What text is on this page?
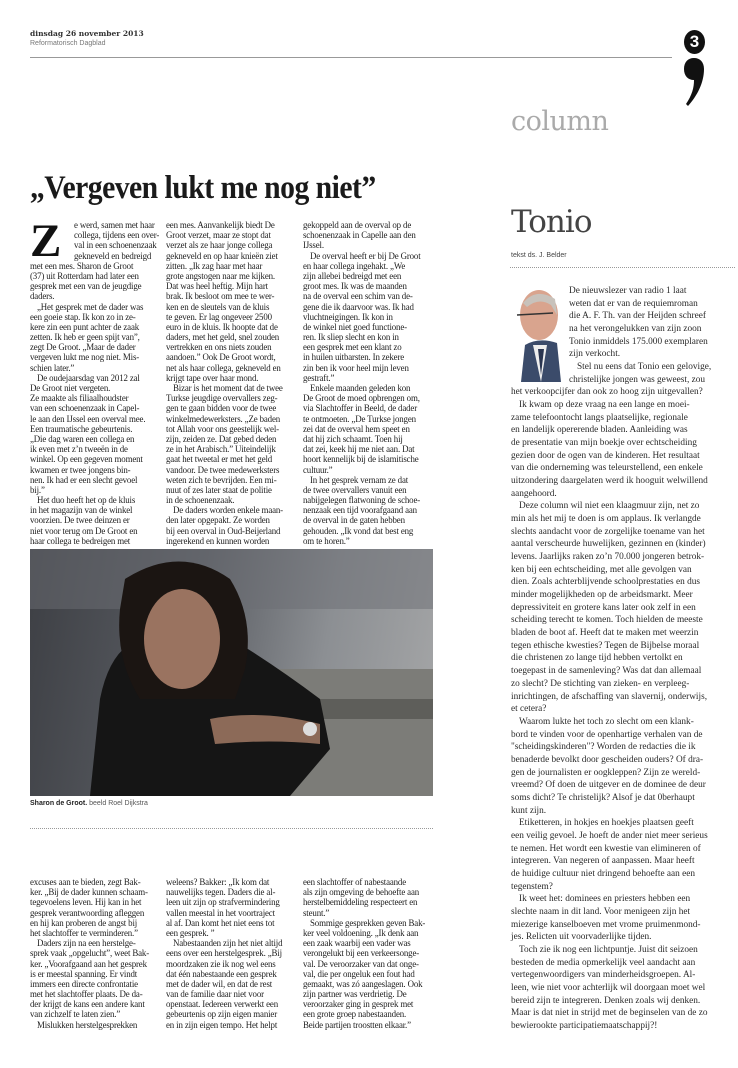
dinsdag 26 november 2013
Reformatorisch Dagblad	3
column
„Vergeven lukt me nog niet”
Z	e werd, samen met haar
collega, tijdens een over-
val in een schoenenzaak
gekneveld en bedreigd
met een mes. Sharon de Groot
(37) uit Rotterdam had later een
gesprek met een van de jeugdige
daders.
„Het gesprek met de dader was
een goeie stap. Ik kon zo in ze-
kere zin een punt achter de zaak
zetten. Ik heb er geen spijt van”,
zegt De Groot. „Maar de dader
vergeven lukt me nog niet. Mis-
schien later.”
De oudejaarsdag van 2012 zal
De Groot niet vergeten.
Ze maakte als filiaalhoudster
van een schoenenzaak in Capel-
le aan den IJssel een overval mee.
Een traumatische gebeurtenis.
„Die dag waren een collega en
ik even met z’n tweeën in de
winkel. Op een gegeven moment
kwamen er twee jongens bin-
nen. Ik had er een slecht gevoel
bij.”
Het duo heeft het op de kluis
in het magazijn van de winkel
voorzien. De twee deinzen er
niet voor terug om De Groot en
haar collega te bedreigen met
een mes. Aanvankelijk biedt De
Groot verzet, maar ze stopt dat
verzet als ze haar jonge collega
gekneveld en op haar knieën ziet
zitten. „Ik zag haar met haar
grote angstogen naar me kijken.
Dat was heel heftig. Mijn hart
brak. Ik besloot om mee te wer-
ken en de sleutels van de kluis
te geven. Er lag ongeveer 2500
euro in de kluis. Ik hoopte dat de
daders, met het geld, snel zouden
vertrekken en ons niets zouden
aandoen.” Ook De Groot wordt,
net als haar collega, gekneveld en
krijgt tape over haar mond.
Bizar is het moment dat de twee
Turkse jeugdige overvallers zeg-
gen te gaan bidden voor de twee
winkelmedewerksters. „Ze baden
tot Allah voor ons geestelijk wel-
zijn, zeiden ze. Dat gebed deden
ze in het Arabisch.” Uiteindelijk
gaat het tweetal er met het geld
vandoor. De twee medewerksters
weten zich te bevrijden. Een mi-
nuut of zes later staat de politie
in de schoenenzaak.
De daders worden enkele maan-
den later opgepakt. Ze worden
bij een overval in Oud-Beijerland
ingerekend en kunnen worden
gekoppeld aan de overval op de
schoenenzaak in Capelle aan den
IJssel.
De overval heeft er bij De Groot
en haar collega ingehakt. „We
zijn allebei bedreigd met een
groot mes. Ik was de maanden
na de overval een schim van de-
gene die ik daarvoor was. Ik had
vluchtneigingen. Ik kon in
de winkel niet goed functione-
ren. Ik sliep slecht en kon in
een gesprek met een klant zo
in huilen uitbarsten. In zekere
zin ben ik voor heel mijn leven
gestraft.”
Enkele maanden geleden kon
De Groot de moed opbrengen om,
via Slachtoffer in Beeld, de dader
te ontmoeten. „De Turkse jongen
zei dat de overval hem speet en
dat hij zich schaamt. Toen hij
dat zei, keek hij me niet aan. Dat
hoort kennelijk bij de islamitische
cultuur.”
In het gesprek vernam ze dat
de twee overvallers vanuit een
nabijgelegen flatwoning de schoe-
nenzaak een tijd voorafgaand aan
de overval in de gaten hebben
gehouden. „Ik vond dat best eng
om te horen.”
Sharon de Groot. beeld Roel Dijkstra
excuses aan te bieden, zegt Bak-
ker. „Bij de dader kunnen schaam-
tegevoelens leven. Hij kan in het
gesprek verantwoording afleggen
en hij kan proberen de angst bij
het slachtoffer te verminderen.”
Daders zijn na een herstelge-
sprek vaak „opgelucht”, weet Bak-
ker. „Voorafgaand aan het gesprek
is er meestal spanning. Er vindt
immers een directe confrontatie
met het slachtoffer plaats. De da-
der krijgt de kans een andere kant
van zichzelf te laten zien.”
Mislukken herstelgesprekken
weleens? Bakker: „Ik kom dat
nauwelijks tegen. Daders die al-
leen uit zijn op strafvermindering
vallen meestal in het voortraject
al af. Dan komt het niet eens tot
een gesprek. ”
Nabestaanden zijn het niet altijd
eens over een herstelgesprek. „Bij
moordzaken zie ik nog wel eens
dat één nabestaande een gesprek
met de dader wil, en dat de rest
van de familie daar niet voor
openstaat. Iedereen verwerkt een
gebeurtenis op zijn eigen manier
en in zijn eigen tempo. Het helpt
een slachtoffer of nabestaande
als zijn omgeving de behoefte aan
herstelbemiddeling respecteert en
steunt.”
Sommige gesprekken geven Bak-
ker veel voldoening. „Ik denk aan
een zaak waarbij een vader was
verongelukt bij een verkeersonge-
val. De veroorzaker van dat onge-
val, die per ongeluk een fout had
gemaakt, was zó aangeslagen. Ook
zijn partner was verdrietig. De
veroorzaker ging in gesprek met
een grote groep nabestaanden.
Beide partijen troostten elkaar.”
Tonio
tekst ds. J. Belder
De nieuwslezer van radio 1 laat
weten dat er van de requiemroman
die A. F. Th. van der Heijden schreef
na het verongelukken van zijn zoon
Tonio inmiddels 175.000 exemplaren
zijn verkocht.
Stel nu eens dat Tonio een gelovige,
christelijke jongen was geweest, zou
het verkoopcijfer dan ook zo hoog zijn uitgevallen?
Ik kwam op deze vraag na een lange en moei-
zame telefoontocht langs plaatselijke, regionale
en landelijk opererende bladen. Aanleiding was
de presentatie van mijn boekje over echtscheiding
gezien door de ogen van de kinderen. Het resultaat
van die onderneming was teleurstellend, een enkele
uitzondering daargelaten werd ik hooguit welwillend
aangehoord.
Deze column wil niet een klaagmuur zijn, net zo
min als het mij te doen is om applaus. Ik verlangde
slechts aandacht voor de zorgelijke toename van het
aantal verscheurde huwelijken, gezinnen en (kinder)
levens. Jaarlijks raken zo’n 70.000 jongeren betrok-
ken bij een echtscheiding, met alle gevolgen van
dien. Zoals achterblijvende schoolprestaties en dus
minder mogelijkheden op de arbeidsmarkt. Meer
depressiviteit en grotere kans later ook zelf in een
scheiding terecht te komen. Toch hielden de meeste
bladen de boot af. Heeft dat te maken met weerzin
tegen ethische kwesties? Tegen de Bijbelse moraal
die christenen zo lange tijd hebben vertolkt en
toegepast in de samenleving? Was dat dan allemaal
zo slecht? De stichting van zieken- en verpleeg-
inrichtingen, de afschaffing van slavernij, onderwijs,
et cetera?
Waarom lukte het toch zo slecht om een klank-
bord te vinden voor de openhartige verhalen van de
"scheidingskinderen"? Worden de redacties die ik
benaderde bevolkt door gescheiden ouders? Of dra-
gen de journalisten er oogkleppen? Zijn ze wereld-
vreemd? Of doen de uitgever en de dominee de deur
soms dicht? Te christelijk? Alsof je dat 0berhaupt
kunt zijn.
Etiketteren, in hokjes en hoekjes plaatsen geeft
een veilig gevoel. Je hoeft de ander niet meer serieus
te nemen. Het wordt een kwestie van elimineren of
integreren. Van negeren of aanpassen. Maar heeft
de huidige cultuur niet dringend behoefte aan een
tegenstem?
Ik weet het: dominees en priesters hebben een
slechte naam in dit land. Voor menigeen zijn het
miezerige kanselboeven met vrome pruimenmond-
jes. Relicten uit voorvaderlijke tijden.
Toch zie ik nog een lichtpuntje. Juist dit seizoen
besteden de media opmerkelijk veel aandacht aan
vertegenwoordigers van minderheidsgroepen. Al-
leen, wie niet voor achterlijk wil doorgaan moet wel
bereid zijn te integreren. Denken zoals wij denken.
Maar is dat niet in strijd met de beginselen van de zo
bewierookte participatiemaatschappij?!
